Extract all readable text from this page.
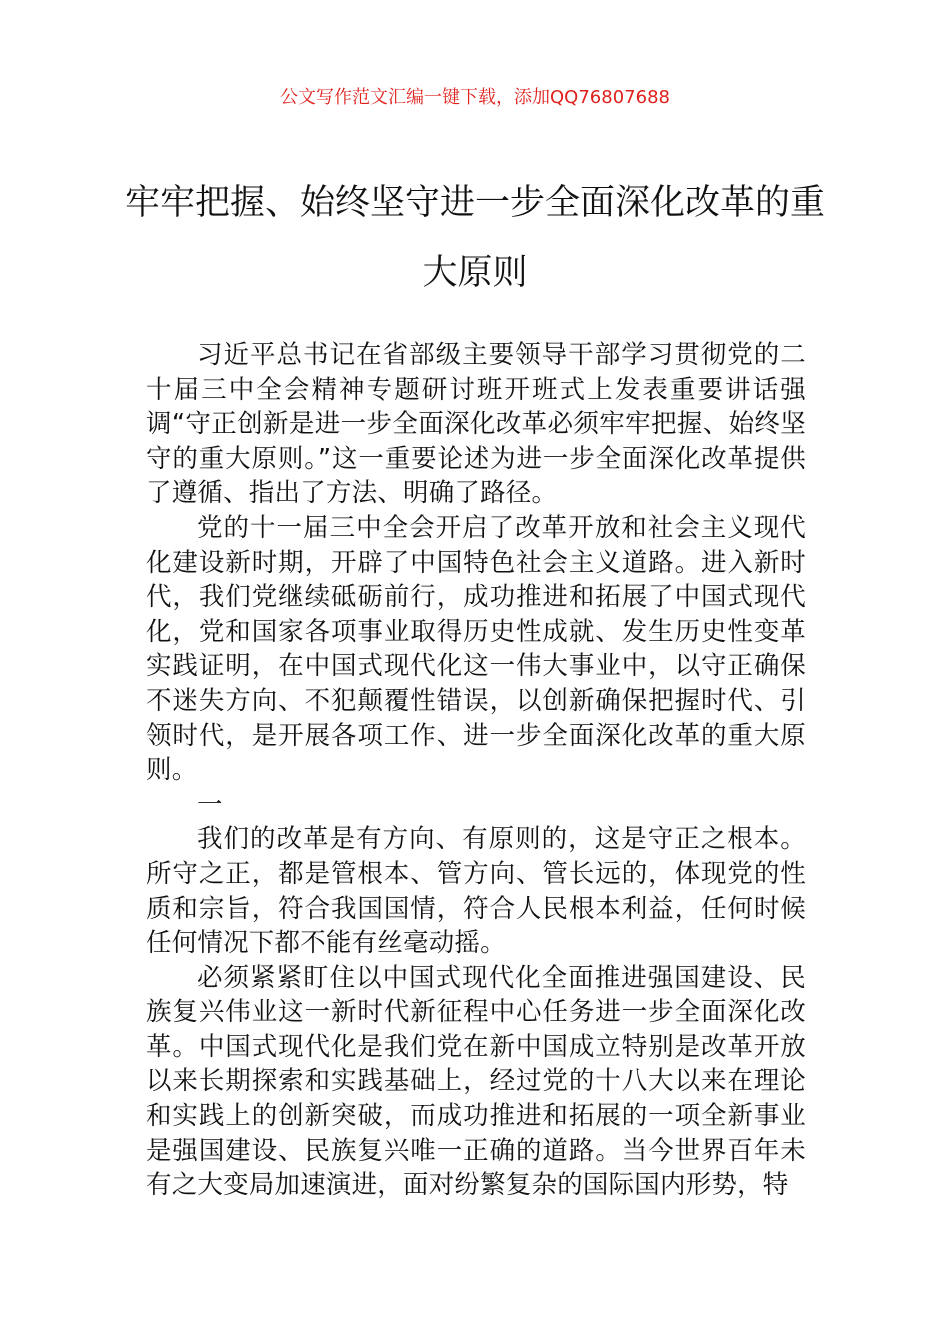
公文写作范文汇编一键下载，添加QQ76807688
牢牢把握、始终坚守进一步全面深化改革的重大原则

习近平总书记在省部级主要领导干部学习贯彻党的二十届三中全会精神专题研讨班开班式上发表重要讲话强调“守正创新是进一步全面深化改革必须牢牢把握、始终坚守的重大原则。”这一重要论述为进一步全面深化改革提供了遵循、指出了方法、明确了路径。

党的十一届三中全会开启了改革开放和社会主义现代化建设新时期，开辟了中国特色社会主义道路。进入新时代，我们党继续砥砺前行，成功推进和拓展了中国式现代化，党和国家各项事业取得历史性成就、发生历史性变革实践证明，在中国式现代化这一伟大事业中，以守正确保不迷失方向、不犯颠覆性错误，以创新确保把握时代、引领时代，是开展各项工作、进一步全面深化改革的重大原则。

一

我们的改革是有方向、有原则的，这是守正之根本。所守之正，都是管根本、管方向、管长远的，体现党的性质和宗旨，符合我国国情，符合人民根本利益，任何时候任何情况下都不能有丝毫动摇。

必须紧紧盯住以中国式现代化全面推进强国建设、民族复兴伟业这一新时代新征程中心任务进一步全面深化改革。中国式现代化是我们党在新中国成立特别是改革开放以来长期探索和实践基础上，经过党的十八大以来在理论和实践上的创新突破，而成功推进和拓展的一项全新事业是强国建设、民族复兴唯一正确的道路。当今世界百年未有之大变局加速演进，面对纷繁复杂的国际国内形势，特
